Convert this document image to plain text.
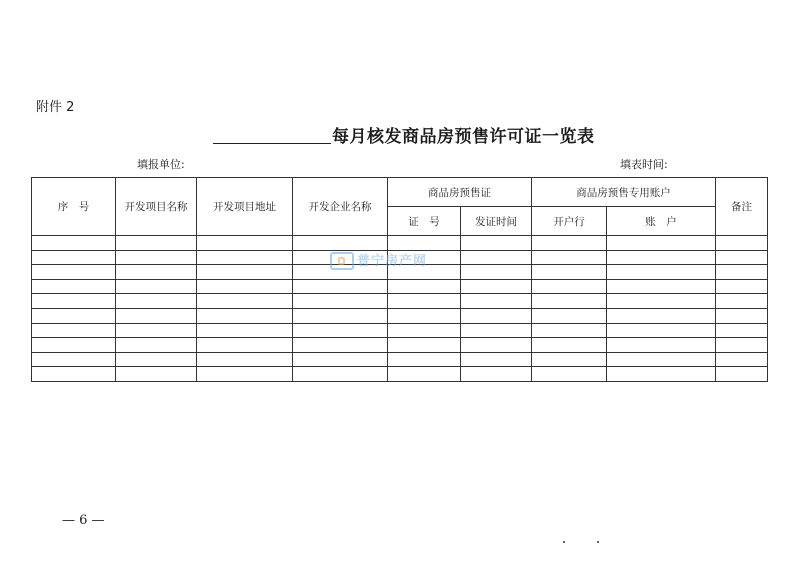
附件 2
每月核发商品房预售许可证一览表
填报单位:	填表时间:
序　号	开发项目名称	开发项目地址	开发企业名称	商品房预售证		商品房预售专用账户		备注
				证　号	发证时间	开户行	账　户	

普宁房产网
— 6 —
